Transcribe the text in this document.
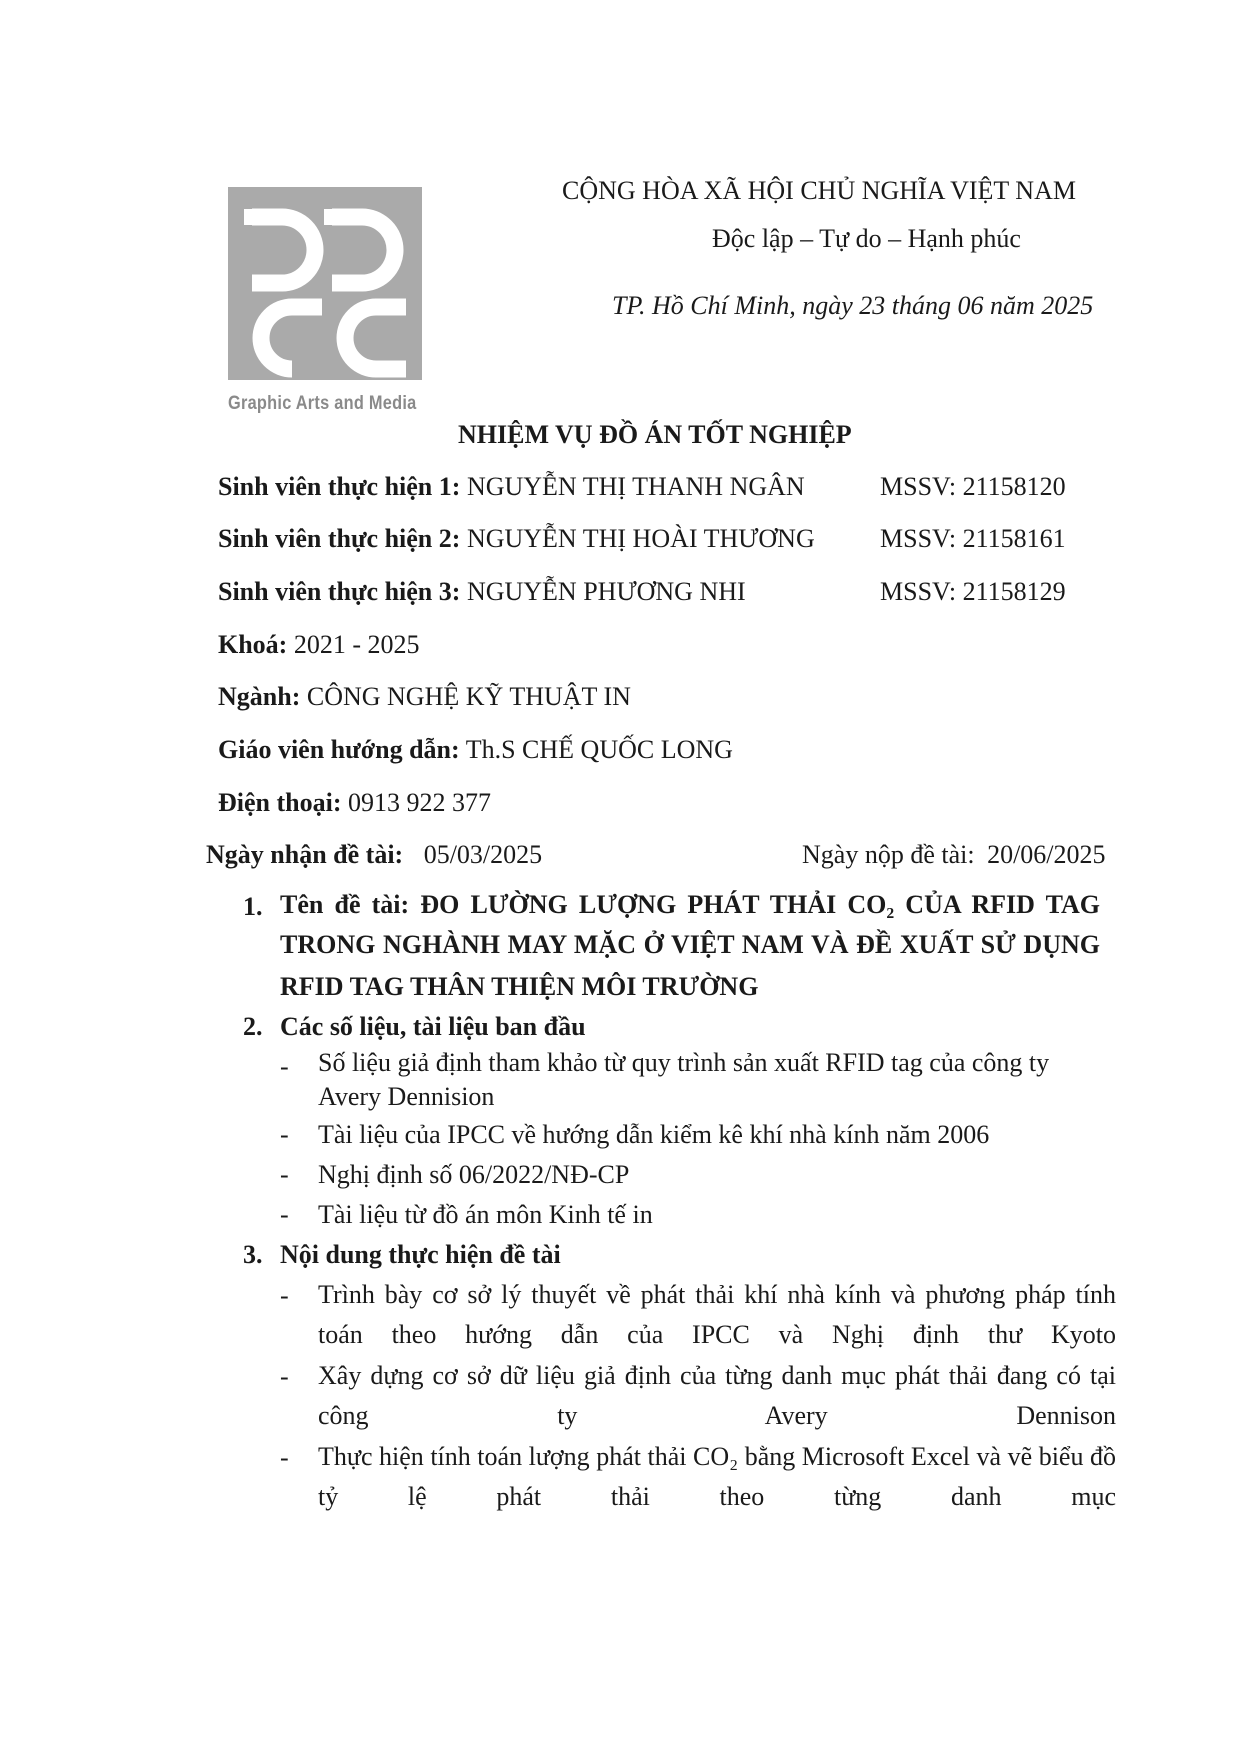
Graphic Arts and Media
CỘNG HÒA XÃ HỘI CHỦ NGHĨA VIỆT NAM
Độc lập – Tự do – Hạnh phúc
TP. Hồ Chí Minh, ngày 23 tháng 06 năm 2025
NHIỆM VỤ ĐỒ ÁN TỐT NGHIỆP
Sinh viên thực hiện 1: NGUYỄN THỊ THANH NGÂN	MSSV: 21158120
Sinh viên thực hiện 2: NGUYỄN THỊ HOÀI THƯƠNG	MSSV: 21158161
Sinh viên thực hiện 3: NGUYỄN PHƯƠNG NHI	MSSV: 21158129
Khoá: 2021 - 2025
Ngành: CÔNG NGHỆ KỸ THUẬT IN
Giáo viên hướng dẫn: Th.S CHẾ QUỐC LONG
Điện thoại: 0913 922 377
Ngày nhận đề tài: 05/03/2025	Ngày nộp đề tài: 20/06/2025
1. Tên đề tài: ĐO LƯỜNG LƯỢNG PHÁT THẢI CO₂ CỦA RFID TAG
TRONG NGHÀNH MAY MẶC Ở VIỆT NAM VÀ ĐỀ XUẤT SỬ DỤNG
RFID TAG THÂN THIỆN MÔI TRƯỜNG
2. Các số liệu, tài liệu ban đầu
- Số liệu giả định tham khảo từ quy trình sản xuất RFID tag của công ty Avery Dennision
- Tài liệu của IPCC về hướng dẫn kiểm kê khí nhà kính năm 2006
- Nghị định số 06/2022/NĐ-CP
- Tài liệu từ đồ án môn Kinh tế in
3. Nội dung thực hiện đề tài
- Trình bày cơ sở lý thuyết về phát thải khí nhà kính và phương pháp tính toán theo hướng dẫn của IPCC và Nghị định thư Kyoto
- Xây dựng cơ sở dữ liệu giả định của từng danh mục phát thải đang có tại công ty Avery Dennison
- Thực hiện tính toán lượng phát thải CO₂ bằng Microsoft Excel và vẽ biểu đồ tỷ lệ phát thải theo từng danh mục
